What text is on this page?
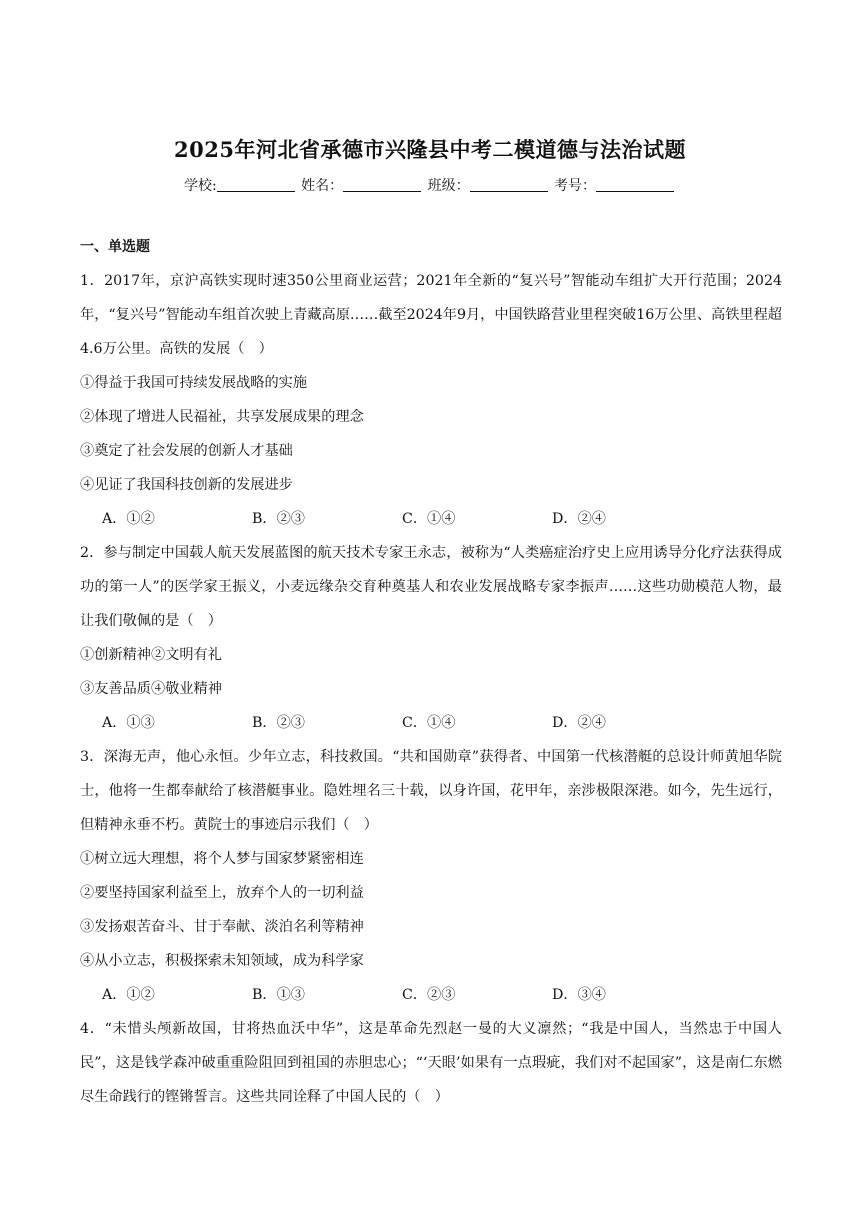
2025年河北省承德市兴隆县中考二模道德与法治试题
学校:	姓名：	班级：	考号：
一、单选题
1．2017年，京沪高铁实现时速350公里商业运营；2021年全新的“复兴号”智能动车组扩大开行范围；2024年，“复兴号”智能动车组首次驶上青藏高原……截至2024年9月，中国铁路营业里程突破16万公里、高铁里程超4.6万公里。高铁的发展（　）
①得益于我国可持续发展战略的实施
②体现了增进人民福祉，共享发展成果的理念
③奠定了社会发展的创新人才基础
④见证了我国科技创新的发展进步
A．①②	B．②③	C．①④	D．②④
2．参与制定中国载人航天发展蓝图的航天技术专家王永志，被称为“人类癌症治疗史上应用诱导分化疗法获得成功的第一人”的医学家王振义，小麦远缘杂交育种奠基人和农业发展战略专家李振声……这些功勋模范人物，最让我们敬佩的是（　）
①创新精神②文明有礼
③友善品质④敬业精神
A．①③	B．②③	C．①④	D．②④
3．深海无声，他心永恒。少年立志，科技救国。“共和国勋章”获得者、中国第一代核潜艇的总设计师黄旭华院士，他将一生都奉献给了核潜艇事业。隐姓埋名三十载，以身许国，花甲年，亲涉极限深港。如今，先生远行，但精神永垂不朽。黄院士的事迹启示我们（　）
①树立远大理想，将个人梦与国家梦紧密相连
②要坚持国家利益至上，放弃个人的一切利益
③发扬艰苦奋斗、甘于奉献、淡泊名利等精神
④从小立志，积极探索未知领域，成为科学家
A．①②	B．①③	C．②③	D．③④
4．“未惜头颅新故国，甘将热血沃中华”，这是革命先烈赵一曼的大义凛然；“我是中国人，当然忠于中国人民”，这是钱学森冲破重重险阻回到祖国的赤胆忠心；“‘天眼’如果有一点瑕疵，我们对不起国家”，这是南仁东燃尽生命践行的铿锵誓言。这些共同诠释了中国人民的（　）
